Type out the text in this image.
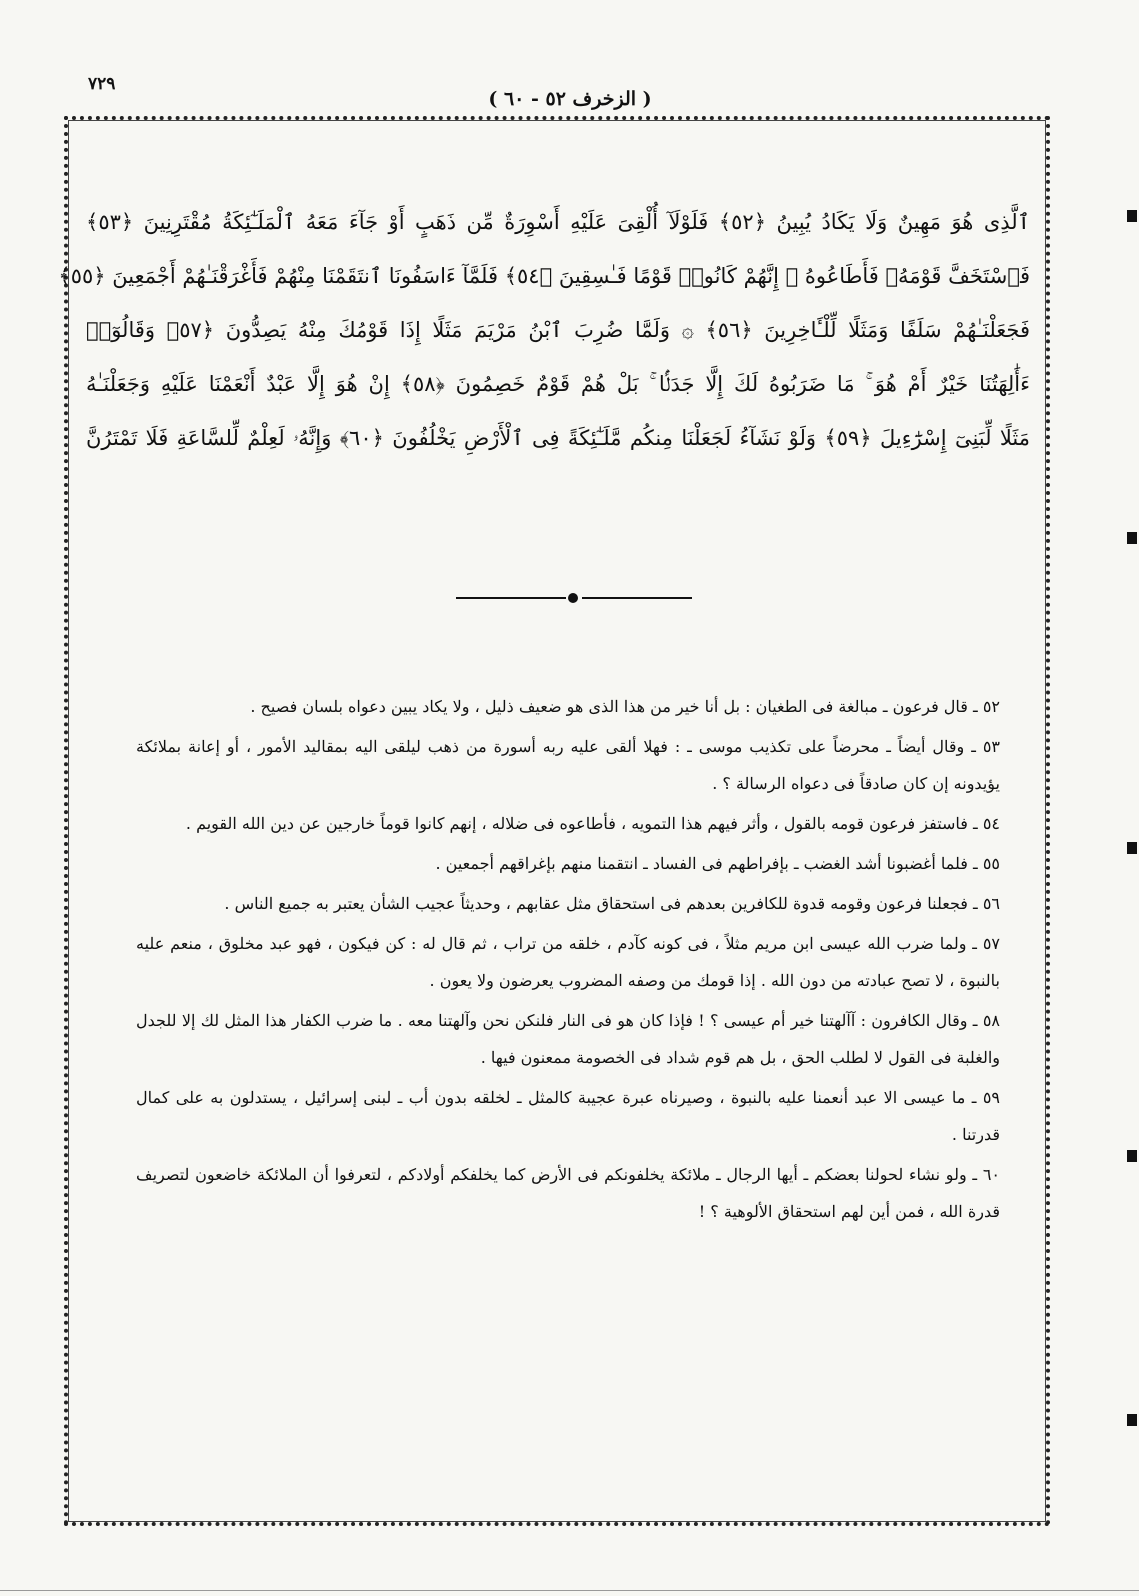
٧٢٩
( الزخرف ٥٢ - ٦٠ )
ٱلَّذِى هُوَ مَهِينٌ وَلَا يَكَادُ يُبِينُ ﴿٥٢﴾ فَلَوْلَآ أُلْقِىَ عَلَيْهِ أَسْوِرَةٌ مِّن ذَهَبٍ أَوْ جَآءَ مَعَهُ ٱلْمَلَـٰٓئِكَةُ مُقْتَرِنِينَ ﴿٥٣﴾
فَٱسْتَخَفَّ قَوْمَهُۥ فَأَطَاعُوهُ ۚ إِنَّهُمْ كَانُوا۟ قَوْمًا فَـٰسِقِينَ ﴿٥٤﴾ فَلَمَّآ ءَاسَفُونَا ٱنتَقَمْنَا مِنْهُمْ فَأَغْرَقْنَـٰهُمْ أَجْمَعِينَ ﴿٥٥﴾
فَجَعَلْنَـٰهُمْ سَلَفًا وَمَثَلًا لِّلْـَٔاخِرِينَ ﴿٥٦﴾ ۞ وَلَمَّا ضُرِبَ ٱبْنُ مَرْيَمَ مَثَلًا إِذَا قَوْمُكَ مِنْهُ يَصِدُّونَ ﴿٥٧﴾ وَقَالُوٓا۟
ءَأَٰلِهَتُنَا خَيْرٌ أَمْ هُوَ ۚ مَا ضَرَبُوهُ لَكَ إِلَّا جَدَلًۢا ۚ بَلْ هُمْ قَوْمٌ خَصِمُونَ ﴿٥٨﴾ إِنْ هُوَ إِلَّا عَبْدٌ أَنْعَمْنَا عَلَيْهِ وَجَعَلْنَـٰهُ
مَثَلًا لِّبَنِىٓ إِسْرَٰٓءِيلَ ﴿٥٩﴾ وَلَوْ نَشَآءُ لَجَعَلْنَا مِنكُم مَّلَـٰٓئِكَةً فِى ٱلْأَرْضِ يَخْلُفُونَ ﴿٦٠﴾ وَإِنَّهُۥ لَعِلْمٌ لِّلسَّاعَةِ فَلَا تَمْتَرُنَّ

٥٢ ـ قال فرعون ـ مبالغة فى الطغيان : بل أنا خير من هذا الذى هو ضعيف ذليل ، ولا يكاد يبين دعواه بلسان فصيح .

٥٣ ـ وقال أيضاً ـ محرضاً على تكذيب موسى ـ : فهلا ألقى عليه ربه أسورة من ذهب ليلقى اليه بمقاليد الأمور ، أو إعانة بملائكة يؤيدونه إن كان صادقاً فى دعواه الرسالة ؟ .

٥٤ ـ فاستفز فرعون قومه بالقول ، وأثر فيهم هذا التمويه ، فأطاعوه فى ضلاله ، إنهم كانوا قوماً خارجين عن دين الله القويم .

٥٥ ـ فلما أغضبونا أشد الغضب ـ بإفراطهم فى الفساد ـ انتقمنا منهم بإغراقهم أجمعين .

٥٦ ـ فجعلنا فرعون وقومه قدوة للكافرين بعدهم فى استحقاق مثل عقابهم ، وحديثاً عجيب الشأن يعتبر به جميع الناس .

٥٧ ـ ولما ضرب الله عيسى ابن مريم مثلاً ، فى كونه كآدم ، خلقه من تراب ، ثم قال له : كن فيكون ، فهو عبد مخلوق ، منعم عليه بالنبوة ، لا تصح عبادته من دون الله . إذا قومك من وصفه المضروب يعرضون ولا يعون .

٥٨ ـ وقال الكافرون : آآلهتنا خير أم عيسى ؟ ! فإذا كان هو فى النار فلنكن نحن وآلهتنا معه . ما ضرب الكفار هذا المثل لك إلا للجدل والغلبة فى القول لا لطلب الحق ، بل هم قوم شداد فى الخصومة ممعنون فيها .

٥٩ ـ ما عيسى الا عبد أنعمنا عليه بالنبوة ، وصيرناه عبرة عجيبة كالمثل ـ لخلقه بدون أب ـ لبنى إسرائيل ، يستدلون به على كمال قدرتنا .

٦٠ ـ ولو نشاء لحولنا بعضكم ـ أيها الرجال ـ ملائكة يخلفونكم فى الأرض كما يخلفكم أولادكم ، لتعرفوا أن الملائكة خاضعون لتصريف قدرة الله ، فمن أين لهم استحقاق الألوهية ؟ !
